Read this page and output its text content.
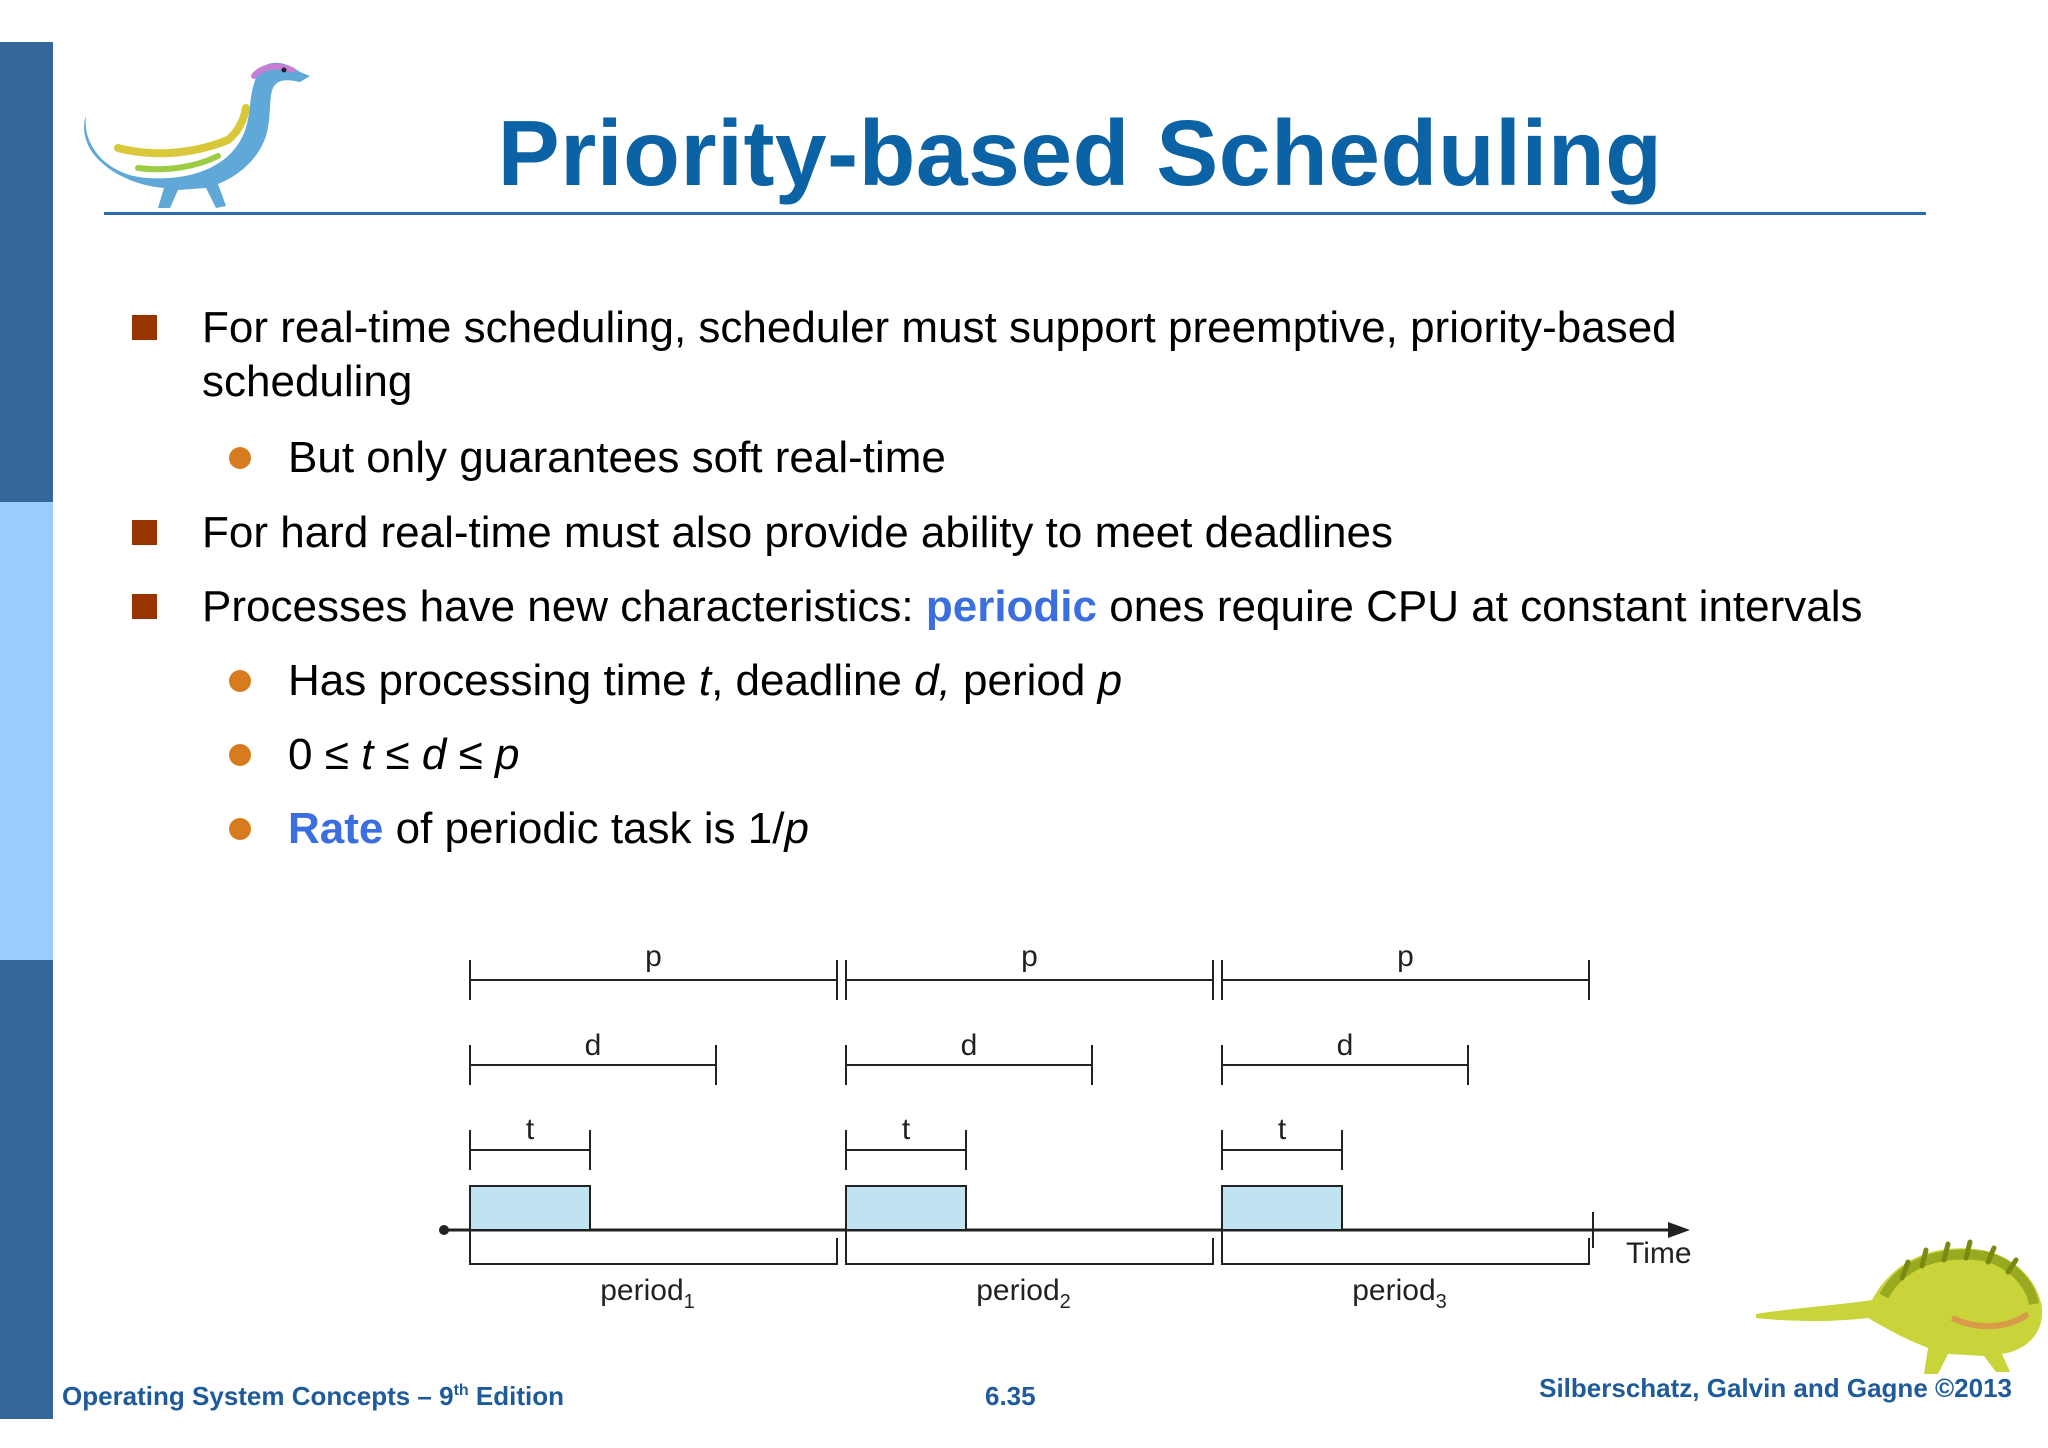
Priority-based Scheduling
For real-time scheduling, scheduler must support preemptive, priority-based
scheduling
But only guarantees soft real-time
For hard real-time must also provide ability to meet deadlines
Processes have new characteristics: periodic ones require CPU at constant intervals
Has processing time t, deadline d, period p
0 ≤ t ≤ d ≤ p
Rate of periodic task is 1/p
Time
p
d
t
period$_1$
p
d
t
period$_2$
p
d
t
period$_3$
Operating System Concepts – 9th Edition	6.35	Silberschatz, Galvin and Gagne ©2013
